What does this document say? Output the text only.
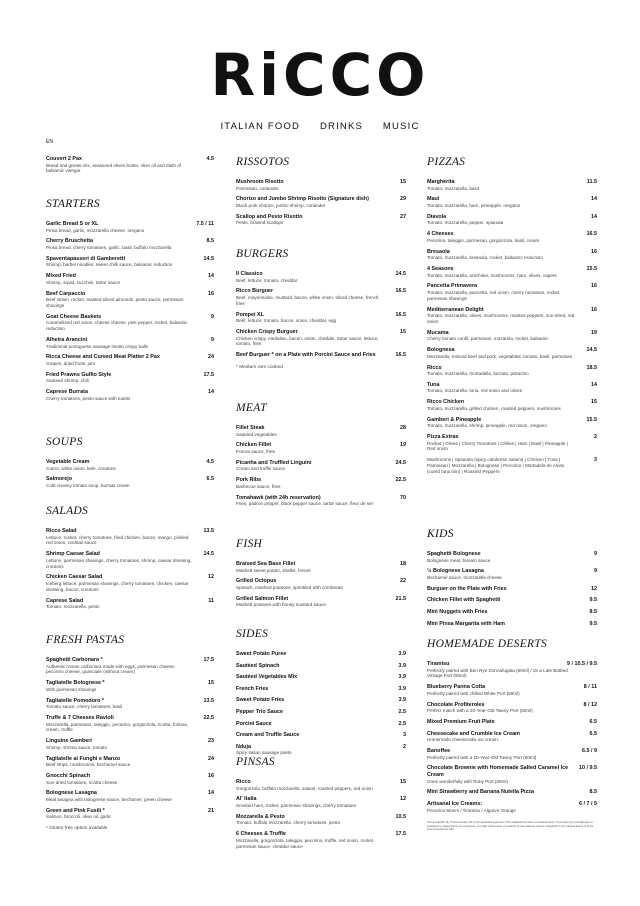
RiCCO
ITALIAN FOOD DRINKS MUSIC
EN
Couvert 2 Pax
Bread and greats mix, seasoned olives butter, olive oil and dash of balsamic vinegar
4.5
STARTERS
Garlic Bread S or XL
Pinsa bread, garlic, mozzarella cheese, oregano
7.5 / 11
Cherry Bruschetta
Pinsa bread, cherry tomatoes, garlic, basil, buffalo mozzarella
8.5
Spaventapasseri di Gamberetti
Shrimp, barbel noodles, sweet chilli sauce, balsamic reduction
14.5
Mixed Fried
Shrimp, squid, zucchini, tartar sauce
14
Beef Carpaccio
Beef sirloin, rocket, toasted sliced almonds, pesto sauce, parmesan shavings
16
Goat Cheese Baskets
Caramelized red onion, cheese cheese, pink pepper, rocket, balsamic reduction
9
Alheira Arancini
Traditional portuguese sausage risotto crispy balls
9
Ricca Cheese and Cureed Meat Platter 2 Pax
Grapes, dried fruits, jam
24
Fried Prawns Gulfio Style
Sauteed shrimp, chili
17.5
Caprese Burrata
Cherry tomatoes, pesto sauce with toasts
14
SOUPS
Vegetable Cream
Carrot, white onion, leek, croutons
4.5
Salmorejo
Cold creamy tomato soup, burrata cream
6.5
SALADS
Ricco Salad
Lettuce, rocket, cherry tomatoes, fried chicken, bacon, mango, pickled red onion, cocktail sauce
13.5
Shrimp Caesar Salad
Lettuce, parmesan shavings, cherry tomatoes, shrimp, caesar dressing, croutons
14.5
Chicken Caesar Salad
Iceberg lettuce, parmesan shavings, cherry tomatoes, chicken, caesar dressing, bacon, croutons
12
Caprese Salad
Tomato, mozzarella, pesto
11
FRESH PASTAS
Spaghetti Carbonara *
Authentic roman carbonara made with eggs, parmesan cheese, pecorino cheese, guanciale (without cream)
17.5
Tagliatelle Bolognese *
With parmesan shavings
15
Tagliatelle Pomodoro *
Tomato sauce, cherry tomatoes, basil
13.5
Truffe & 7 Cheeses Ravioli
Mozzarella, parmesan, taleggio, pecorino, gorgonzola, ricotta, fontina, cream, truffle
22.5
Linguine Gamberi
Shrimp, shrimp sauce, tomato
23
Tagliatelle ai Funghi e Manzo
Beef strips, mushrooms, bechamel sauce
24
Gnocchi Spinach
Sun-dried tomatoes, ricotta cheese
16
Bolognese Lasagna
Meat lasagna with bolognese sauce, bechamel, green cheese
14
Green and Pink Fusili *
Salmon, broccoli, olive oil, garlic
21
* Gluten free option available
RISSOTOS
Mushroom Risotto
Parmesan, coriander
15
Chorizo and Jumbo Shrimp Risotto (Signature dish)
Black pork chorizo, jumbo shrimp, coriander
29
Scallop and Pesto Risotto
Pesto, braised scallops
27
BURGERS
Il Classico
Beef, lettuce, tomato, cheddar
14.5
Ricco Burguer
Beef, mayonnaise, mustard, bacon, white onion, sliced cheese, french fries
16.5
Pompei XL
Beef, lettuce, tomato, bacon, onion, cheddar, egg
16.5
Chicken Crispy Burguer
Chicken crispy, medalion, bacon, onion, cheddar, tartar sauce, lettuce, tomato, fries
15
Beef Burguer * on a Plate with Porcini Sauce and Fries	16.5
* Medium rare cooked
MEAT
Fillet Steak
Sautéed vegetables
28
Chicken Fillet
Porcini sauce, fries
19
Picanha and Truffled Linguini
Cream and truffle sauce
24.5
Pork Ribs
Barbecue sauce, fries
22.5
Tomahawk (with 24h reservation)
Fries, padron pepper, black pepper sauce, tartar sauce, fleur de sel
70
FISH
Braised Sea Bass Fillet
Mashed sweet potato, shallot, fennel
18
Grilled Octopus
Spinach, mashed potatoes, sprinkled with cornbread
22
Grilled Salmon Fillet
Mashed potatoes with honey mustard sauce
21.5
SIDES
Sweet Potato Puree	3.9
Sautéed Spinach	3.9
Sautéed Vegetables Mix	3.9
French Fries	3.9
Sweet Potato Fries	3.9
Pepper Trio Sauce	2.5
Porcini Sauce	2.5
Cream and Truffle Sauce	3
Nduja
Spicy italian sausage paste
2
PINSAS
Ricco
Gorgonzola, buffalo mozzarella, salami, roasted peppers, red onion
15
Al' Italia
Smoked ham, rocket, parmesan shavings, cherry tomatoes
12
Mozzarella & Pesto
Tomato, buffalo mozzarella, cherry tomatoes, pesto
10.5
6 Cheeses & Truffle
Mozzarella, gorgonzola, taleggio, pecorino, truffle, red onion, rocket, parmesan sauce, cheddar sauce
17.5
PIZZAS
Margherita
Tomato, mozzarella, basil
11.5
Maui
Tomato, mozzarella, ham, pineapple, oregano
14
Diavola
Tomato, mozzarella, pepper, spianata
14
4 Cheeses
Pecorino, taleggio, parmesan, gorgonzola, basil, cream
16.5
Bresaola
Tomato, mozzarella, bresaola, rocket, balsamic reduction
16
4 Seasons
Tomato, mozzarella, artichoke, mushrooms, ham, olives, capers
15.5
Pancetta Primavera
Tomato, mozzarella, pancetta, red onion, cherry tomatoes, rocket, parmesan shavings
16
Mediterranean Delight
Tomato, mozzarella, olives, mushrooms, roasted peppers, sun-dried, red onion
16
Mucama
Cherry tomato confit, parmesan, mozarela, rocket, balsamic
19
Bolognesa
Mozzarella, minced beef and pork, vegetables, tomato, basil, parmesan
14.5
Ricco
Tomato, mozzarella, mortadella, burrata, pistachio
18.5
Tuna
Tomato, mozzarella, tuna, red onion and olives
14
Ricco Chicken
Tomato, mozzarella, grilled chicken, roasted peppers, mushrooms
15
Gamberi & Pineapple
Tomato, mozzarella, shrimp, pineapple, red onion, oregano
15.5
Pizza Extras
Rocket | Olives | Cherry Tomatoes | Chilies | Ham | Basil | Pineapple | Red onion
2
Mushrooms | Spianata (spicy calabrese salami) | Chicken | Tuna | Parmesan | Mozzarella | Bolognese | Pecorino | Mortadela de Alumi (cured tuna loin) | Roasted Peppers
3
KIDS
Spaghetti Bolognese
Bolognese meat, tomato sauce
9
½ Bolognese Lasagna
Bechamel sauce, mozzarella cheese
9
Burguer on the Plate with Fries	12
Chicken Fillet with Spaghetti	9.5
Mini Nuggets with Fries	8.5
Mini Pinsa Margarita with Ham	9.5
HOMEMADE DESERTS
Tiramisu
Perfectly paired with Ben Rye Donnafugata (60ml) / Or a Late Bottled Vintage Port (60ml)
9 / 10.5 / 9.5
Blueberry Panna Cotta
Perfectly paired with chilled White Port (60ml)
8 / 11
Chocolate Profiteroles
Perfect match with a 20-Year-Old Tawny Port (60ml)
8 / 12
Mixed Premium Fruit Plate	6.5
Cheesecake and Crumble Ice Cream
Homemade cheesecake ice cream
6.5
Banoffee
Perfectly paired with a 10-Year-Old Tawny Port (60ml)
6.5 / 9
Chocolate Brownie with Homemade Salted Caramel Ice Cream
Goes wonderfully with Ruby Port (60ml)
10 / 9.5
Mini Strawberry and Banana Nutella Pizza	8.5
Artisanal Ice Creams:
Pecorino Monni / Tiramisu / Algarve Orange
6 / 7 / 5
Prices in EURO (€) | Prices include VAT at the applicable legal rate | This establishment has a complaints book | If you have any food allergies or intolerances, please inform our employees. Our daily dishes were not ordered by the customer may be charged for if not returned before or at the time of serving the dish
